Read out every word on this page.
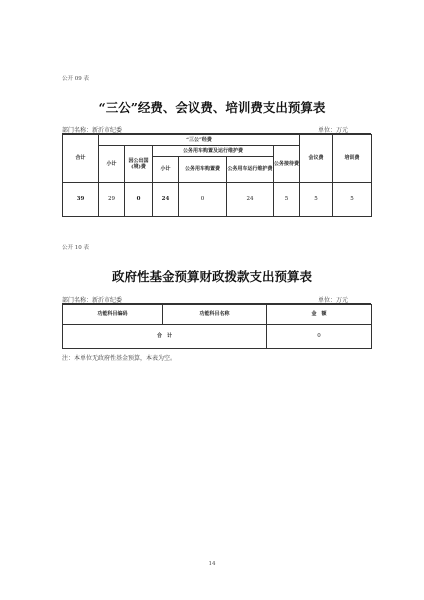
公开 09 表
“三公”经费、会议费、培训费支出预算表
部门名称：新沂市纪委	单位：万元
合计	“三公”经费						会议费	培训费
	小计	因公出国(境)费	公务用车购置及运行维护费			公务接待费		
			小计	公务用车购置费	公务用车运行维护费			
39	29	0	24	0	24	5	5	5
公开 10 表
政府性基金预算财政拨款支出预算表
部门名称：新沂市纪委	单位：万元
功能科目编码	功能科目名称	金　额
合　计		0
注：本单位无政府性基金预算，本表为空。
14
